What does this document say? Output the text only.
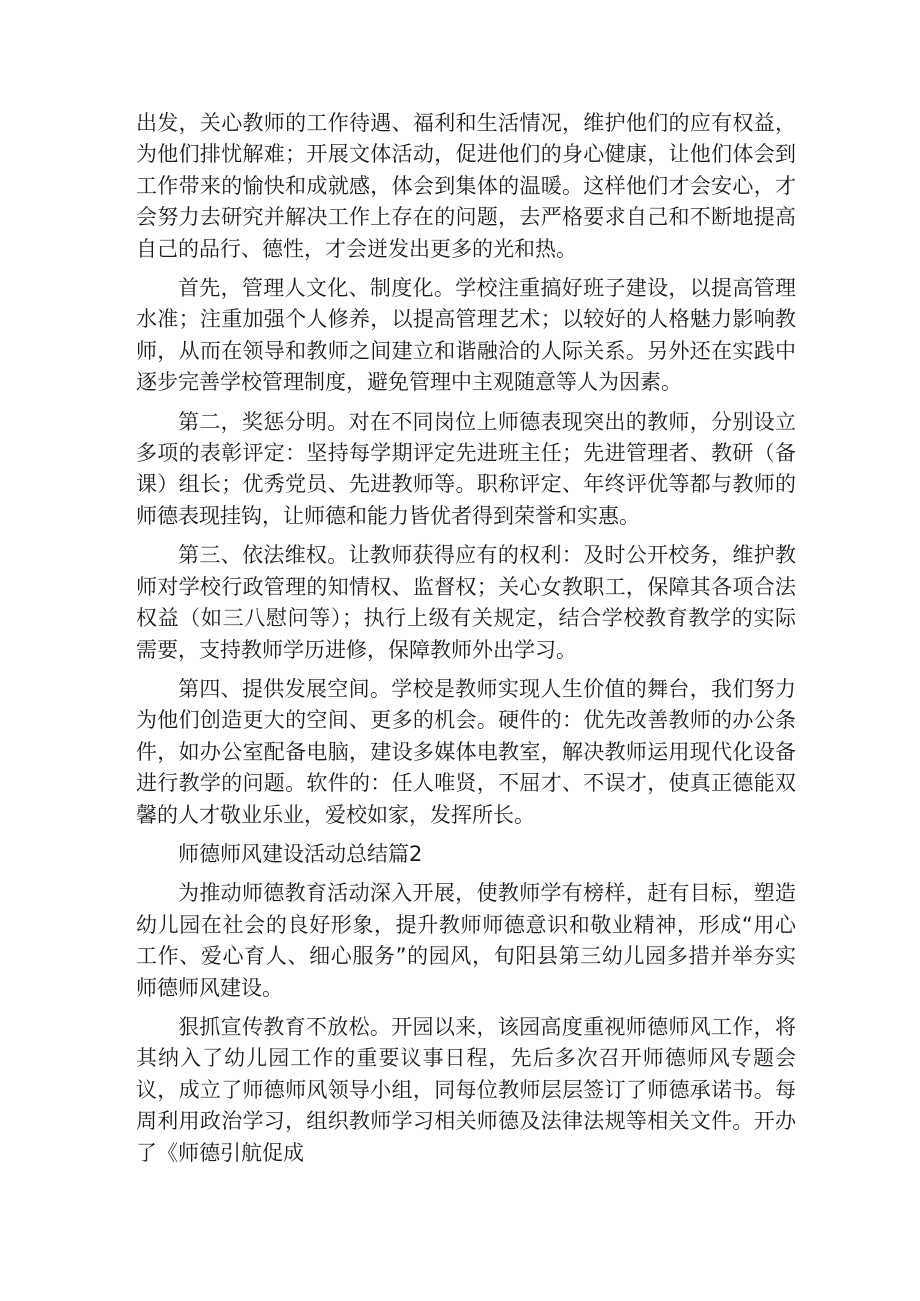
出发，关心教师的工作待遇、福利和生活情况，维护他们的应有权益，为他们排忧解难；开展文体活动，促进他们的身心健康，让他们体会到工作带来的愉快和成就感，体会到集体的温暖。这样他们才会安心，才会努力去研究并解决工作上存在的问题，去严格要求自己和不断地提高自己的品行、德性，才会迸发出更多的光和热。

首先，管理人文化、制度化。学校注重搞好班子建设，以提高管理水准；注重加强个人修养，以提高管理艺术；以较好的人格魅力影响教师，从而在领导和教师之间建立和谐融洽的人际关系。另外还在实践中逐步完善学校管理制度，避免管理中主观随意等人为因素。

第二，奖惩分明。对在不同岗位上师德表现突出的教师，分别设立多项的表彰评定：坚持每学期评定先进班主任；先进管理者、教研（备课）组长；优秀党员、先进教师等。职称评定、年终评优等都与教师的师德表现挂钩，让师德和能力皆优者得到荣誉和实惠。

第三、依法维权。让教师获得应有的权利：及时公开校务，维护教师对学校行政管理的知情权、监督权；关心女教职工，保障其各项合法权益（如三八慰问等）；执行上级有关规定，结合学校教育教学的实际需要，支持教师学历进修，保障教师外出学习。

第四、提供发展空间。学校是教师实现人生价值的舞台，我们努力为他们创造更大的空间、更多的机会。硬件的：优先改善教师的办公条件，如办公室配备电脑，建设多媒体电教室，解决教师运用现代化设备进行教学的问题。软件的：任人唯贤，不屈才、不误才，使真正德能双馨的人才敬业乐业，爱校如家，发挥所长。

师德师风建设活动总结篇2

为推动师德教育活动深入开展，使教师学有榜样，赶有目标，塑造幼儿园在社会的良好形象，提升教师师德意识和敬业精神，形成“用心工作、爱心育人、细心服务”的园风，旬阳县第三幼儿园多措并举夯实师德师风建设。

狠抓宣传教育不放松。开园以来，该园高度重视师德师风工作，将其纳入了幼儿园工作的重要议事日程，先后多次召开师德师风专题会议，成立了师德师风领导小组，同每位教师层层签订了师德承诺书。每周利用政治学习，组织教师学习相关师德及法律法规等相关文件。开办了《师德引航促成
